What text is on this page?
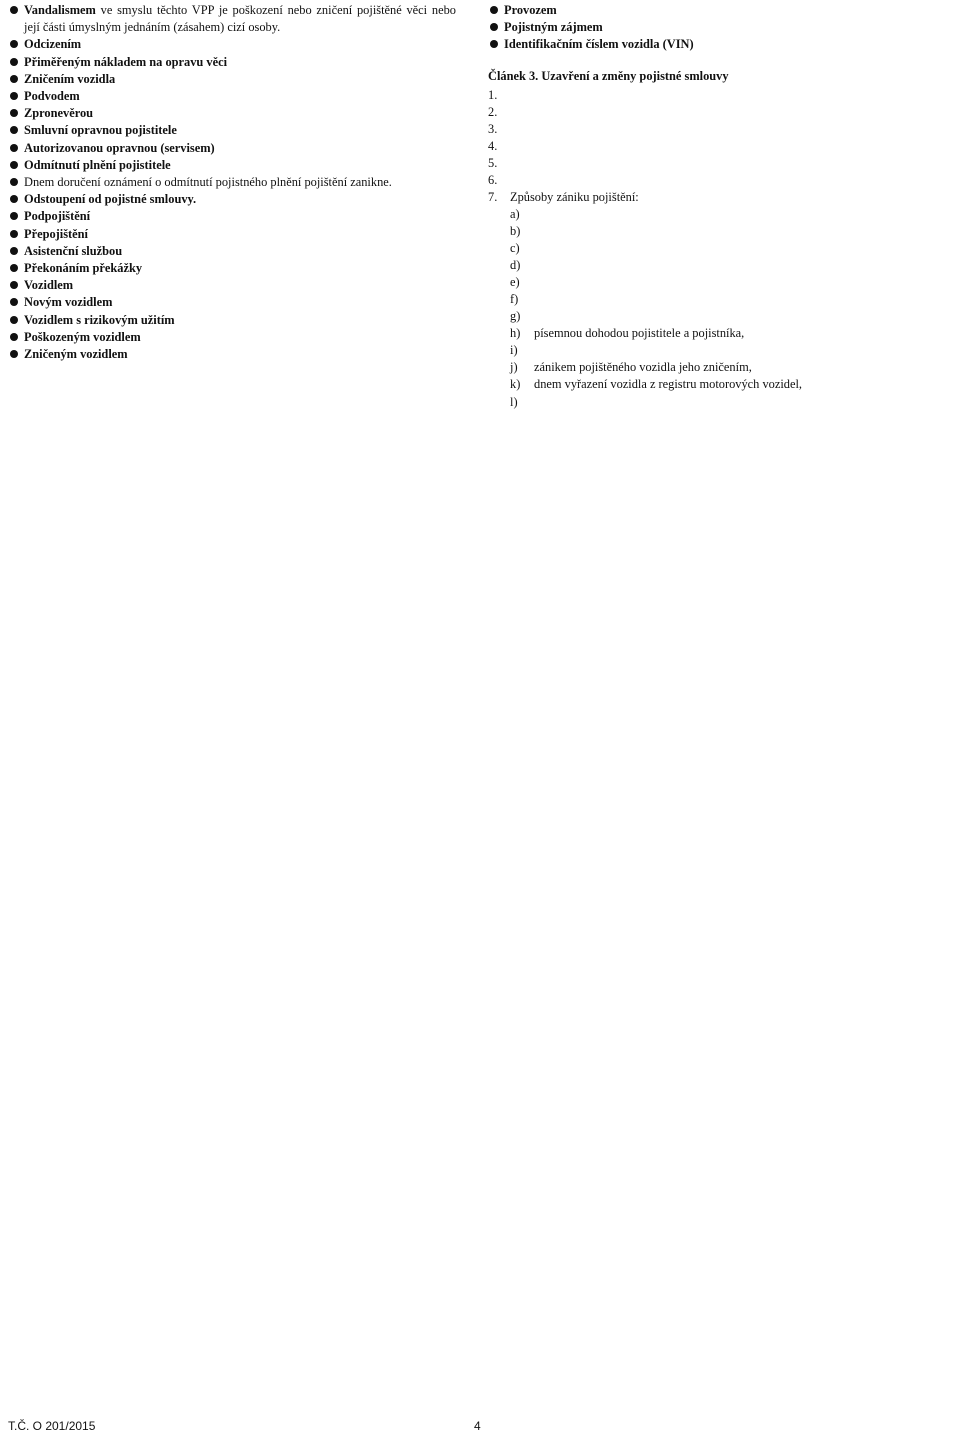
Vandalismem ve smyslu těchto VPP je poškození nebo zničení pojištěné věci nebo její části úmyslným jednáním (zásahem) cizí osoby.

Odcizením

Přiměřeným nákladem na opravu věci

Zničením vozidla

Podvodem

Zpronevěrou

Smluvní opravnou pojistitele

Autorizovanou opravnou (servisem)

Odmítnutí plnění pojistitele

Dnem doručení oznámení o odmítnutí pojistného plnění pojištění zanikne.

Odstoupení od pojistné smlouvy.

Podpojištění

Přepojištění

Asistenční službou

Překonáním překážky

Vozidlem

Novým vozidlem

Vozidlem s rizikovým užitím

Poškozeným vozidlem

Zničeným vozidlem

Provozem

Pojistným zájmem

Identifikačním číslem vozidla (VIN)

Článek 3. Uzavření a změny pojistné smlouvy

1.

2.

3.

4.

5.

6.

7.	Způsoby zániku pojištění:

a)

b)

c)

d)

e)

f)

g)

h) písemnou dohodou pojistitele a pojistníka,

i)

j) zánikem pojištěného vozidla jeho zničením,

k) dnem vyřazení vozidla z registru motorových vozidel,

l)

T.Č. O 201/2015	4
